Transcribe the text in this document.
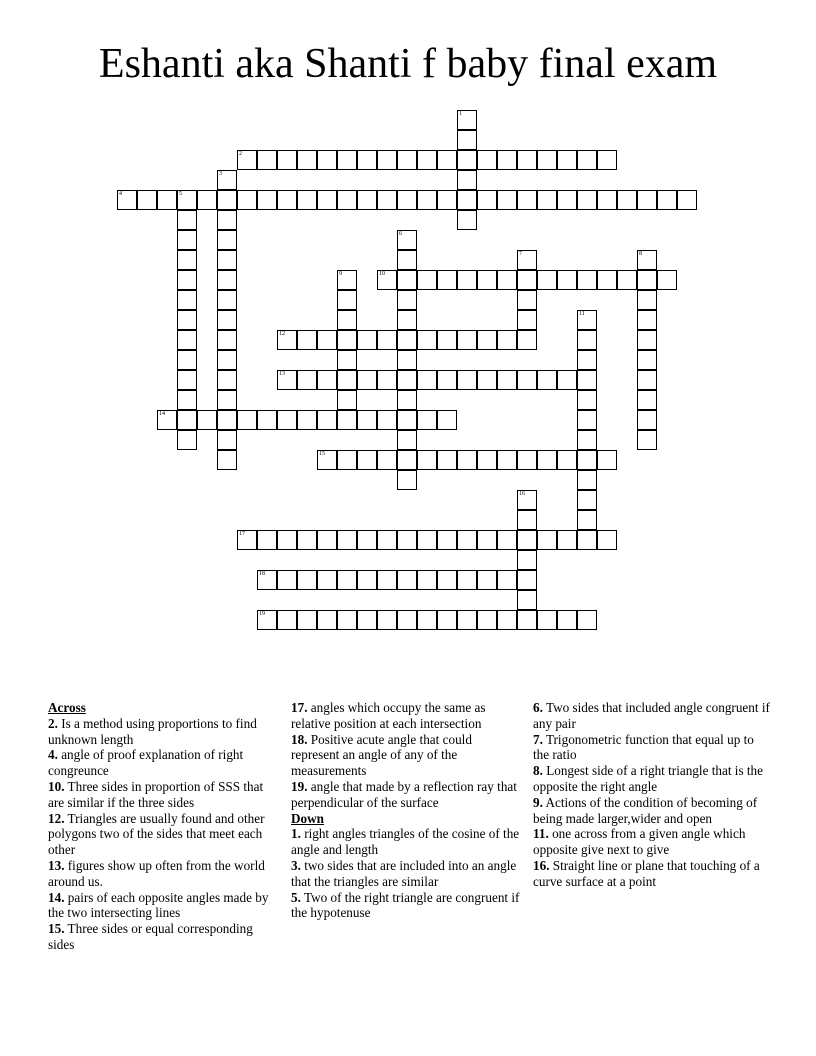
Eshanti aka Shanti f baby final exam
1
2
3
4	5
6
7	8
9	10
11
12
13
14
15
16
17
18
19

Across

2. Is a method using proportions to find unknown length

4. angle of proof explanation of right congreunce

10. Three sides in proportion of SSS that are similar if the three sides

12. Triangles are usually found and other polygons two of the sides that meet each other

13. figures show up often from the world around us.

14. pairs of each opposite angles made by the two intersecting lines

15. Three sides or equal corresponding sides

17. angles which occupy the same as relative position at each intersection

18. Positive acute angle that could represent an angle of any of the measurements

19. angle that made by a reflection ray that perpendicular of the surface

Down

1. right angles triangles of the cosine of the angle and length

3. two sides that are included into an angle that the triangles are similar

5. Two of the right triangle are congruent if the hypotenuse

6. Two sides that included angle congruent if any pair

7. Trigonometric function that equal up to the ratio

8. Longest side of a right triangle that is the opposite the right angle

9. Actions of the condition of becoming of being made larger,wider and open

11. one across from a given angle which opposite give next to give

16. Straight line or plane that touching of a curve surface at a point
